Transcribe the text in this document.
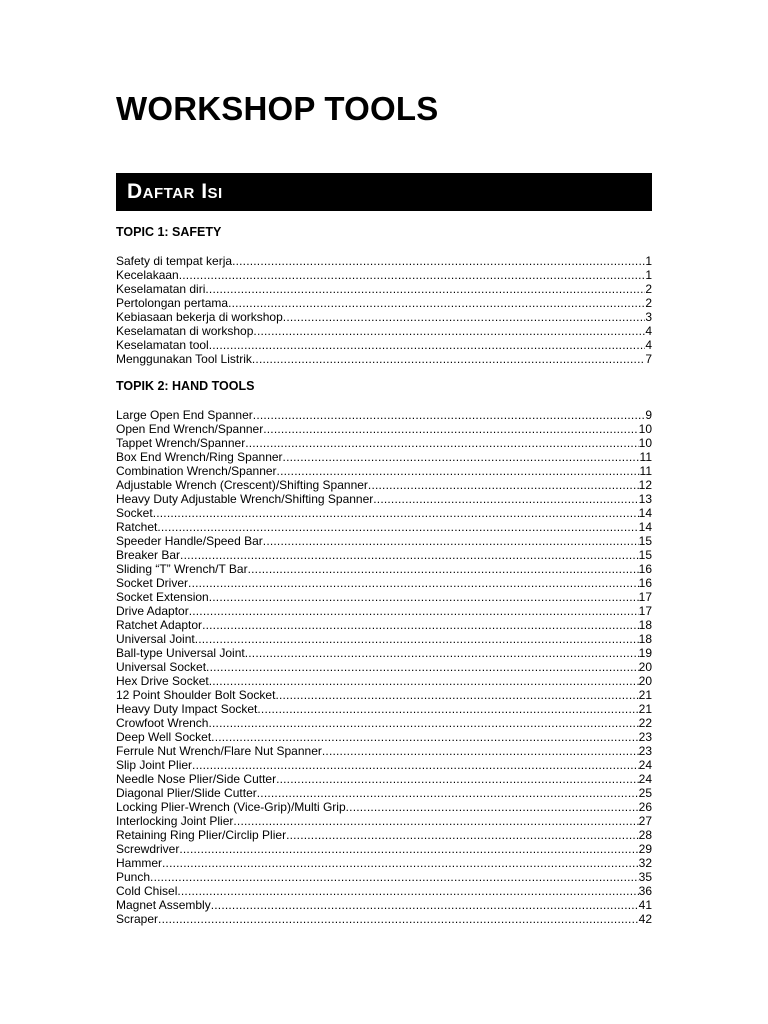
WORKSHOP TOOLS
Daftar Isi
TOPIC 1: SAFETY
Safety di tempat kerja .....	1
Kecelakaan .....	1
Keselamatan diri .....	2
Pertolongan pertama .....	2
Kebiasaan bekerja di workshop .....	3
Keselamatan di workshop .....	4
Keselamatan tool .....	4
Menggunakan Tool Listrik .....	7
TOPIK 2: HAND TOOLS
Large Open End Spanner .....	9
Open End Wrench/Spanner .....	10
Tappet Wrench/Spanner .....	10
Box End Wrench/Ring Spanner .....	11
Combination Wrench/Spanner .....	11
Adjustable Wrench (Crescent)/Shifting Spanner .....	12
Heavy Duty Adjustable Wrench/Shifting Spanner .....	13
Socket .....	14
Ratchet .....	14
Speeder Handle/Speed Bar .....	15
Breaker Bar .....	15
Sliding “T” Wrench/T Bar .....	16
Socket Driver .....	16
Socket Extension .....	17
Drive Adaptor .....	17
Ratchet Adaptor .....	18
Universal Joint .....	18
Ball-type Universal Joint .....	19
Universal Socket .....	20
Hex Drive Socket .....	20
12 Point Shoulder Bolt Socket .....	21
Heavy Duty Impact Socket .....	21
Crowfoot Wrench .....	22
Deep Well Socket .....	23
Ferrule Nut Wrench/Flare Nut Spanner .....	23
Slip Joint Plier .....	24
Needle Nose Plier/Side Cutter .....	24
Diagonal Plier/Slide Cutter .....	25
Locking Plier-Wrench (Vice-Grip)/Multi Grip .....	26
Interlocking Joint Plier .....	27
Retaining Ring Plier/Circlip Plier .....	28
Screwdriver .....	29
Hammer .....	32
Punch .....	35
Cold Chisel .....	36
Magnet Assembly .....	41
Scraper .....	42
